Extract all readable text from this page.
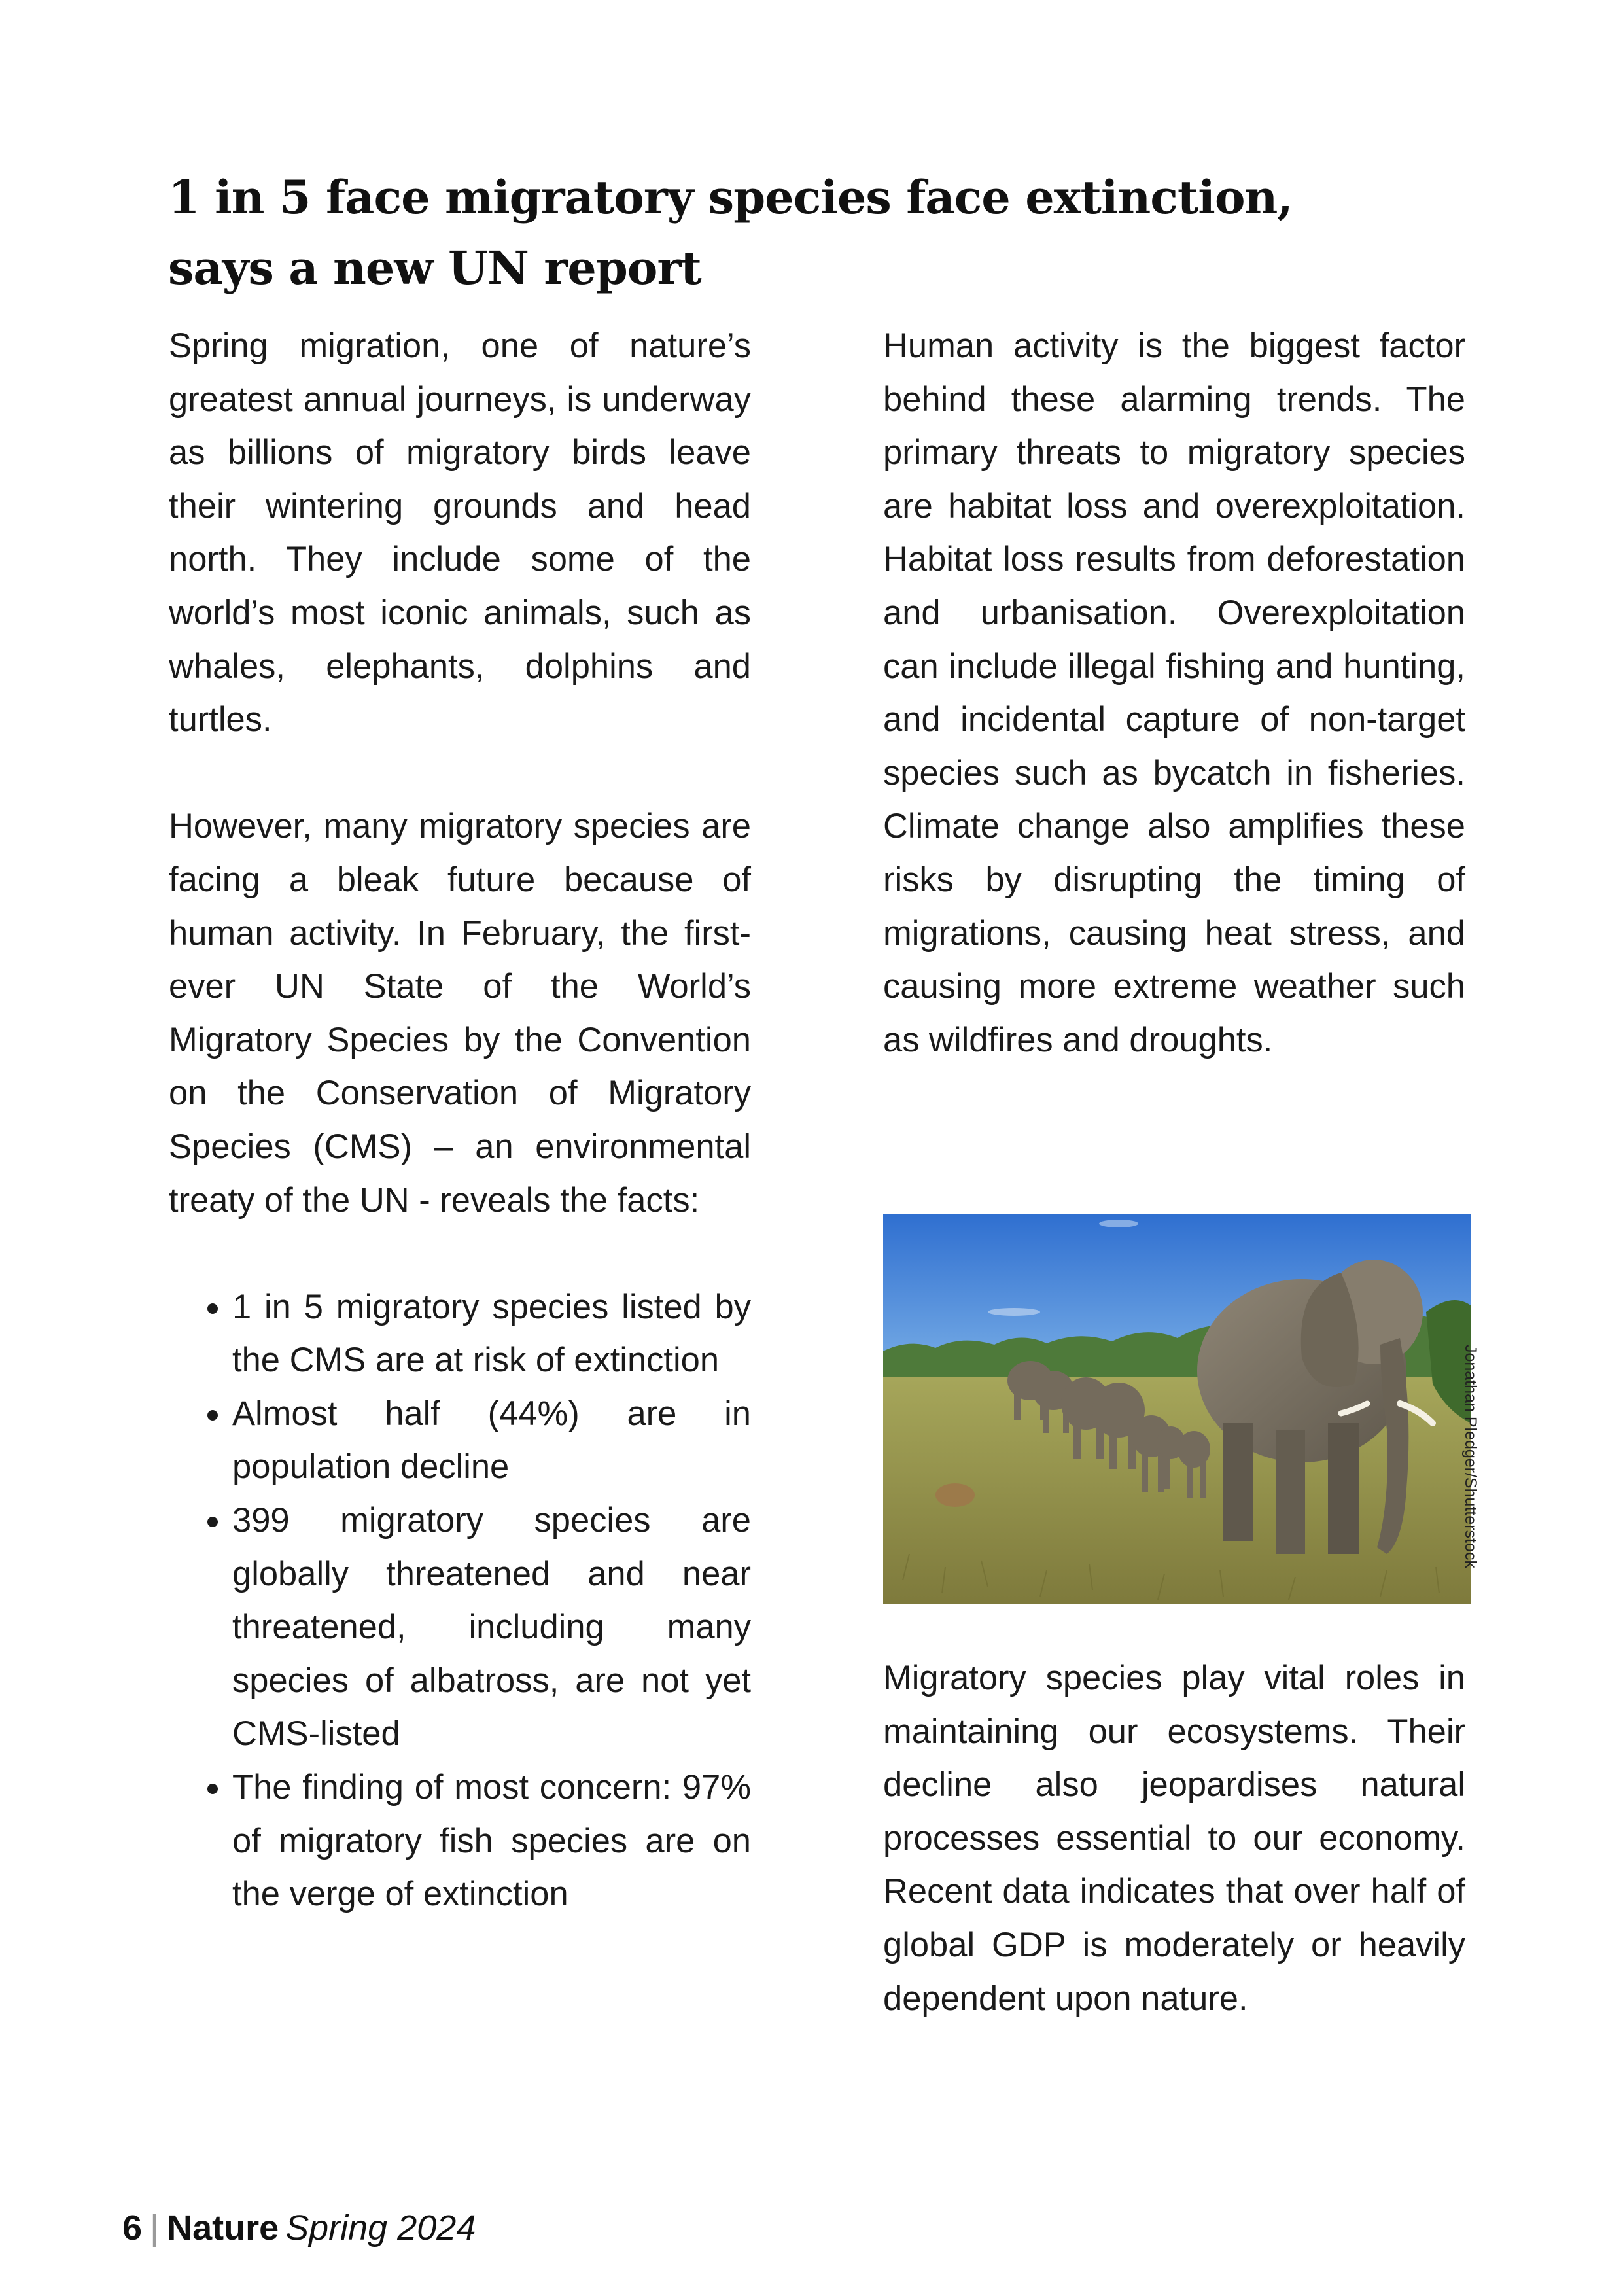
1 in 5 face migratory species face extinction,
says a new UN report

Spring migration, one of nature’s greatest annual journeys, is underway as billions of migratory birds leave their wintering grounds and head north. They include some of the world’s most iconic animals, such as whales, elephants, dolphins and turtles.

However, many migratory species are facing a bleak future because of human activity. In February, the first-ever UN State of the World’s Migratory Species by the Convention on the Conservation of Migratory Species (CMS) – an environmental treaty of the UN - reveals the facts:

• 1 in 5 migratory species listed by the CMS are at risk of extinction
• Almost half (44%) are in population decline
• 399 migratory species are globally threatened and near threatened, including many species of albatross, are not yet CMS-listed
• The finding of most concern: 97% of migratory fish species are on the verge of extinction

Human activity is the biggest factor behind these alarming trends. The primary threats to migratory species are habitat loss and overexploitation. Habitat loss results from deforestation and urbanisation. Overexploitation can include illegal fishing and hunting, and incidental capture of non-target species such as bycatch in fisheries. Climate change also amplifies these risks by disrupting the timing of migrations, causing heat stress, and causing more extreme weather such as wildfires and droughts.

Jonathan Pledger/Shutterstock

Migratory species play vital roles in maintaining our ecosystems. Their decline also jeopardises natural processes essential to our economy. Recent data indicates that over half of global GDP is moderately or heavily dependent upon nature.

6 | Nature Spring 2024
